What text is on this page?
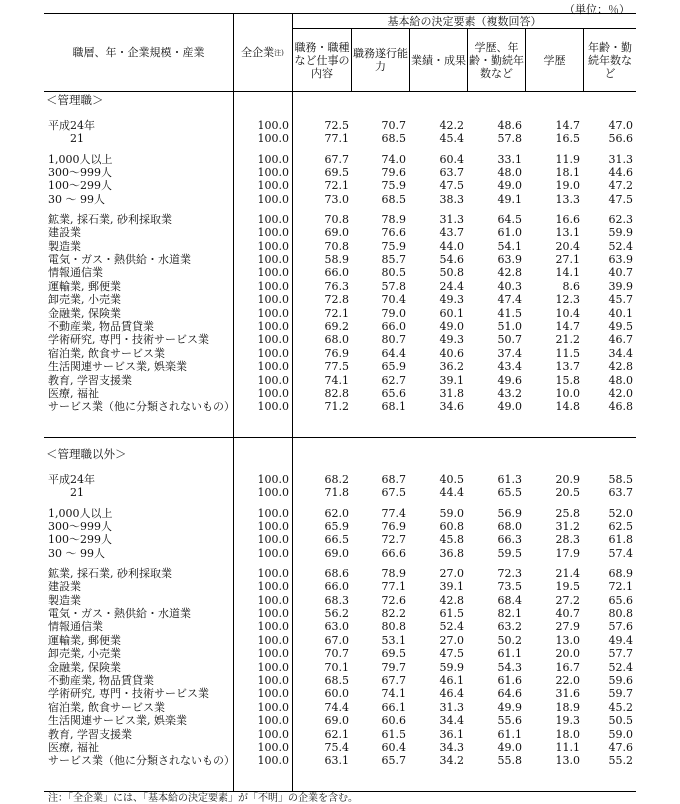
（単位：％）
職層、年・企業規模・産業	全企業 注)
基本給の決定要素（複数回答）
職務・職種など仕事の内容
職務遂行能力	業績・成果
学歴、年齢・勤続年数など
学歴
年齢・勤続年数など
＜管理職＞
平成24年	100.0	72.5	70.7	42.2	48.6	14.7	47.0
21	100.0	77.1	68.5	45.4	57.8	16.5	56.6
1,000人以上	100.0	67.7	74.0	60.4	33.1	11.9	31.3
300～999人	100.0	69.5	79.6	63.7	48.0	18.1	44.6
100～299人	100.0	72.1	75.9	47.5	49.0	19.0	47.2
30 ～ 99人	100.0	73.0	68.5	38.3	49.1	13.3	47.5
鉱業, 採石業, 砂利採取業	100.0	70.8	78.9	31.3	64.5	16.6	62.3
建設業	100.0	69.0	76.6	43.7	61.0	13.1	59.9
製造業	100.0	70.8	75.9	44.0	54.1	20.4	52.4
電気・ガス・熱供給・水道業	100.0	58.9	85.7	54.6	63.9	27.1	63.9
情報通信業	100.0	66.0	80.5	50.8	42.8	14.1	40.7
運輸業, 郵便業	100.0	76.3	57.8	24.4	40.3	8.6	39.9
卸売業, 小売業	100.0	72.8	70.4	49.3	47.4	12.3	45.7
金融業, 保険業	100.0	72.1	79.0	60.1	41.5	10.4	40.1
不動産業, 物品賃貸業	100.0	69.2	66.0	49.0	51.0	14.7	49.5
学術研究, 専門・技術サービス業	100.0	68.0	80.7	49.3	50.7	21.2	46.7
宿泊業, 飲食サービス業	100.0	76.9	64.4	40.6	37.4	11.5	34.4
生活関連サービス業, 娯楽業	100.0	77.5	65.9	36.2	43.4	13.7	42.8
教育, 学習支援業	100.0	74.1	62.7	39.1	49.6	15.8	48.0
医療, 福祉	100.0	82.8	65.6	31.8	43.2	10.0	42.0
サービス業（他に分類されないもの）	100.0	71.2	68.1	34.6	49.0	14.8	46.8
＜管理職以外＞
平成24年	100.0	68.2	68.7	40.5	61.3	20.9	58.5
21	100.0	71.8	67.5	44.4	65.5	20.5	63.7
1,000人以上	100.0	62.0	77.4	59.0	56.9	25.8	52.0
300～999人	100.0	65.9	76.9	60.8	68.0	31.2	62.5
100～299人	100.0	66.5	72.7	45.8	66.3	28.3	61.8
30 ～ 99人	100.0	69.0	66.6	36.8	59.5	17.9	57.4
鉱業, 採石業, 砂利採取業	100.0	68.6	78.9	27.0	72.3	21.4	68.9
建設業	100.0	66.0	77.1	39.1	73.5	19.5	72.1
製造業	100.0	68.3	72.6	42.8	68.4	27.2	65.6
電気・ガス・熱供給・水道業	100.0	56.2	82.2	61.5	82.1	40.7	80.8
情報通信業	100.0	63.0	80.8	52.4	63.2	27.9	57.6
運輸業, 郵便業	100.0	67.0	53.1	27.0	50.2	13.0	49.4
卸売業, 小売業	100.0	70.7	69.5	47.5	61.1	20.0	57.7
金融業, 保険業	100.0	70.1	79.7	59.9	54.3	16.7	52.4
不動産業, 物品賃貸業	100.0	68.5	67.7	46.1	61.6	22.0	59.6
学術研究, 専門・技術サービス業	100.0	60.0	74.1	46.4	64.6	31.6	59.7
宿泊業, 飲食サービス業	100.0	74.4	66.1	31.3	49.9	18.9	45.2
生活関連サービス業, 娯楽業	100.0	69.0	60.6	34.4	55.6	19.3	50.5
教育, 学習支援業	100.0	62.1	61.5	36.1	61.1	18.0	59.0
医療, 福祉	100.0	75.4	60.4	34.3	49.0	11.1	47.6
サービス業（他に分類されないもの）	100.0	63.1	65.7	34.2	55.8	13.0	55.2
注：「全企業」には、「基本給の決定要素」が「不明」の企業を含む。
